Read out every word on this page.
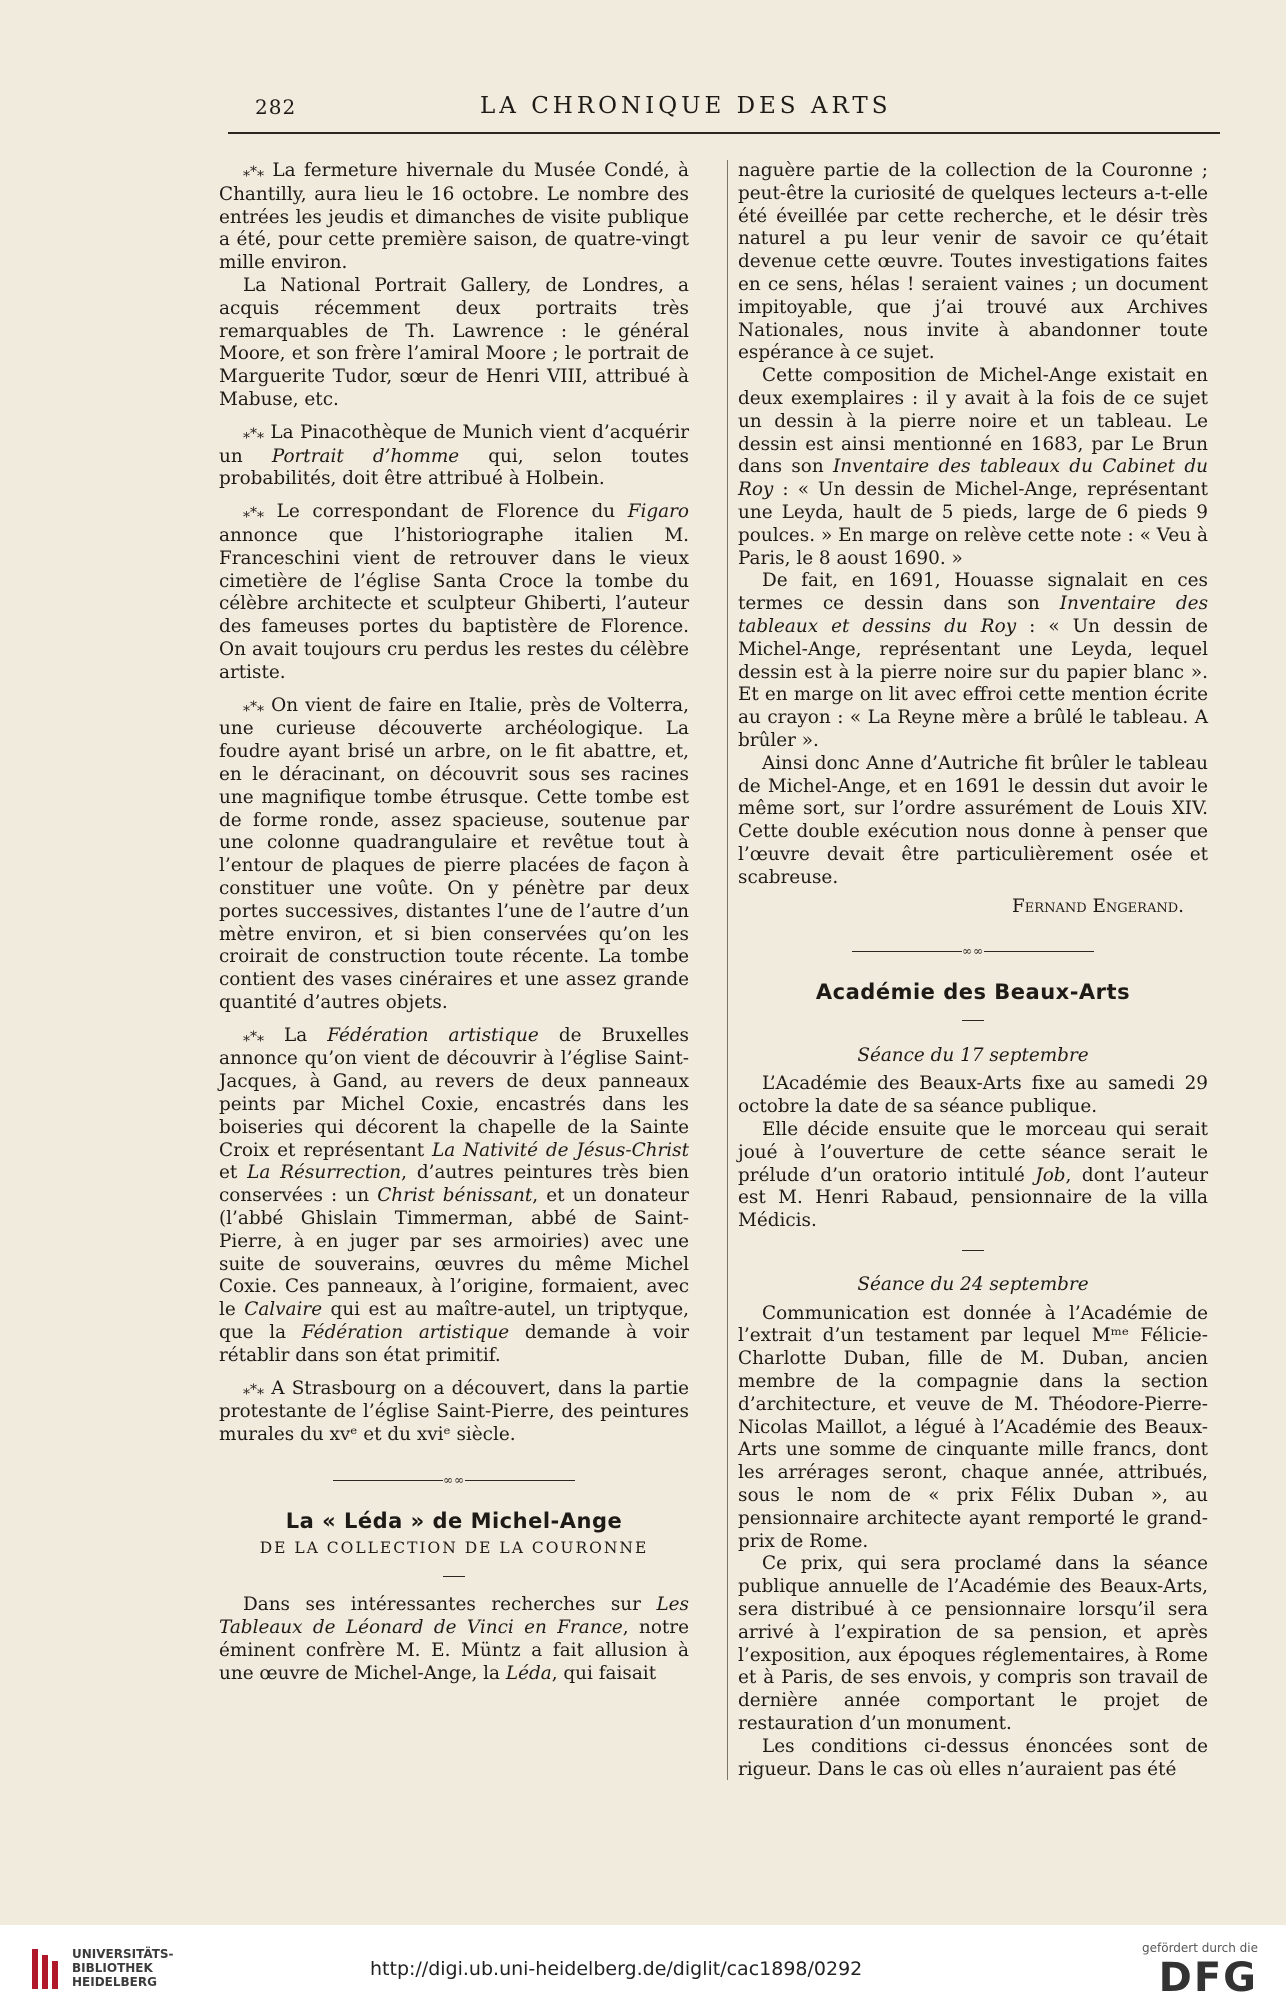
282	LA CHRONIQUE DES ARTS

⁎*⁎ La fermeture hivernale du Musée Condé, à Chantilly, aura lieu le 16 octobre. Le nombre des entrées les jeudis et dimanches de visite publique a été, pour cette première saison, de quatre-vingt mille environ.

La National Portrait Gallery, de Londres, a acquis récemment deux portraits très remarquables de Th. Lawrence : le général Moore, et son frère l’amiral Moore ; le portrait de Marguerite Tudor, sœur de Henri VIII, attribué à Mabuse, etc.

⁎*⁎ La Pinacothèque de Munich vient d’acquérir un Portrait d’homme qui, selon toutes probabilités, doit être attribué à Holbein.

⁎*⁎ Le correspondant de Florence du Figaro annonce que l’historiographe italien M. Franceschini vient de retrouver dans le vieux cimetière de l’église Santa Croce la tombe du célèbre architecte et sculpteur Ghiberti, l’auteur des fameuses portes du baptistère de Florence. On avait toujours cru perdus les restes du célèbre artiste.

⁎*⁎ On vient de faire en Italie, près de Volterra, une curieuse découverte archéologique. La foudre ayant brisé un arbre, on le fit abattre, et, en le déracinant, on découvrit sous ses racines une magnifique tombe étrusque. Cette tombe est de forme ronde, assez spacieuse, soutenue par une colonne quadrangulaire et revêtue tout à l’entour de plaques de pierre placées de façon à constituer une voûte. On y pénètre par deux portes successives, distantes l’une de l’autre d’un mètre environ, et si bien conservées qu’on les croirait de construction toute récente. La tombe contient des vases cinéraires et une assez grande quantité d’autres objets.

⁎*⁎ La Fédération artistique de Bruxelles annonce qu’on vient de découvrir à l’église Saint-Jacques, à Gand, au revers de deux panneaux peints par Michel Coxie, encastrés dans les boiseries qui décorent la chapelle de la Sainte Croix et représentant La Nativité de Jésus-Christ et La Résurrection, d’autres peintures très bien conservées : un Christ bénissant, et un donateur (l’abbé Ghislain Timmerman, abbé de Saint-Pierre, à en juger par ses armoiries) avec une suite de souverains, œuvres du même Michel Coxie. Ces panneaux, à l’origine, formaient, avec le Calvaire qui est au maître-autel, un triptyque, que la Fédération artistique demande à voir rétablir dans son état primitif.

⁎*⁎ A Strasbourg on a découvert, dans la partie protestante de l’église Saint-Pierre, des peintures murales du xvᵉ et du xviᵉ siècle.

∞∞
La « Léda » de Michel-Ange
DE LA COLLECTION DE LA COURONNE

Dans ses intéressantes recherches sur Les Tableaux de Léonard de Vinci en France, notre éminent confrère M. E. Müntz a fait allusion à une œuvre de Michel-Ange, la Léda, qui faisait

naguère partie de la collection de la Couronne ; peut-être la curiosité de quelques lecteurs a-t-elle été éveillée par cette recherche, et le désir très naturel a pu leur venir de savoir ce qu’était devenue cette œuvre. Toutes investigations faites en ce sens, hélas ! seraient vaines ; un document impitoyable, que j’ai trouvé aux Archives Nationales, nous invite à abandonner toute espérance à ce sujet.

Cette composition de Michel-Ange existait en deux exemplaires : il y avait à la fois de ce sujet un dessin à la pierre noire et un tableau. Le dessin est ainsi mentionné en 1683, par Le Brun dans son Inventaire des tableaux du Cabinet du Roy : « Un dessin de Michel-Ange, représentant une Leyda, hault de 5 pieds, large de 6 pieds 9 poulces. » En marge on relève cette note : « Veu à Paris, le 8 aoust 1690. »

De fait, en 1691, Houasse signalait en ces termes ce dessin dans son Inventaire des tableaux et dessins du Roy : « Un dessin de Michel-Ange, représentant une Leyda, lequel dessin est à la pierre noire sur du papier blanc ». Et en marge on lit avec effroi cette mention écrite au crayon : « La Reyne mère a brûlé le tableau. A brûler ».

Ainsi donc Anne d’Autriche fit brûler le tableau de Michel-Ange, et en 1691 le dessin dut avoir le même sort, sur l’ordre assurément de Louis XIV. Cette double exécution nous donne à penser que l’œuvre devait être particulièrement osée et scabreuse.

Fernand Engerand.
∞∞
Académie des Beaux-Arts
Séance du 17 septembre

L’Académie des Beaux-Arts fixe au samedi 29 octobre la date de sa séance publique.

Elle décide ensuite que le morceau qui serait joué à l’ouverture de cette séance serait le prélude d’un oratorio intitulé Job, dont l’auteur est M. Henri Rabaud, pensionnaire de la villa Médicis.

Séance du 24 septembre

Communication est donnée à l’Académie de l’extrait d’un testament par lequel Mᵐᵉ Félicie-Charlotte Duban, fille de M. Duban, ancien membre de la compagnie dans la section d’architecture, et veuve de M. Théodore-Pierre-Nicolas Maillot, a légué à l’Académie des Beaux-Arts une somme de cinquante mille francs, dont les arrérages seront, chaque année, attribués, sous le nom de « prix Félix Duban », au pensionnaire architecte ayant remporté le grand-prix de Rome.

Ce prix, qui sera proclamé dans la séance publique annuelle de l’Académie des Beaux-Arts, sera distribué à ce pensionnaire lorsqu’il sera arrivé à l’expiration de sa pension, et après l’exposition, aux époques réglementaires, à Rome et à Paris, de ses envois, y compris son travail de dernière année comportant le projet de restauration d’un monument.

Les conditions ci-dessus énoncées sont de rigueur. Dans le cas où elles n’auraient pas été

UNIVERSITÄTS-
BIBLIOTHEK
HEIDELBERG
http://digi.ub.uni-heidelberg.de/diglit/cac1898/0292
gefördert durch die
DFG
